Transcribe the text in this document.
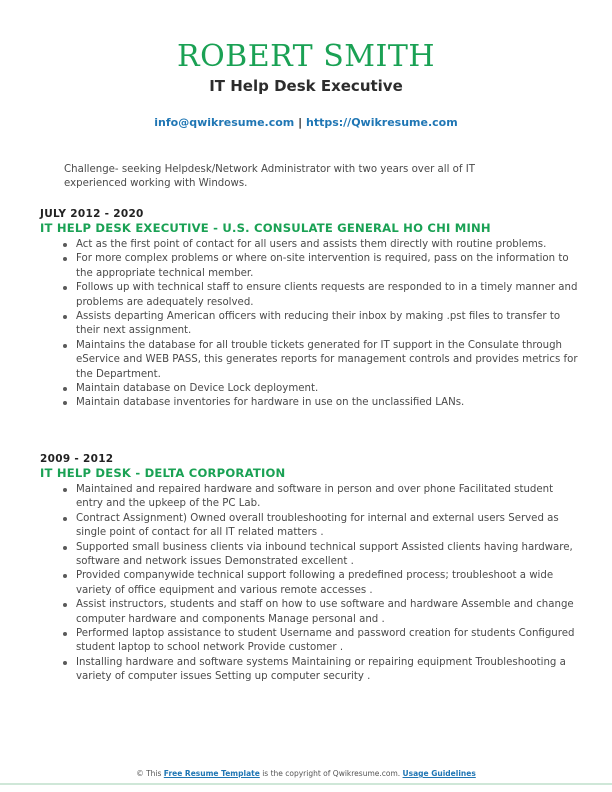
ROBERT SMITH
IT Help Desk Executive
info@qwikresume.com | https://Qwikresume.com
Challenge- seeking Helpdesk/Network Administrator with two years over all of IT experienced working with Windows.
JULY 2012 - 2020
IT HELP DESK EXECUTIVE - U.S. CONSULATE GENERAL HO CHI MINH
Act as the first point of contact for all users and assists them directly with routine problems.
For more complex problems or where on-site intervention is required, pass on the information to the appropriate technical member.
Follows up with technical staff to ensure clients requests are responded to in a timely manner and problems are adequately resolved.
Assists departing American officers with reducing their inbox by making .pst files to transfer to their next assignment.
Maintains the database for all trouble tickets generated for IT support in the Consulate through eService and WEB PASS, this generates reports for management controls and provides metrics for the Department.
Maintain database on Device Lock deployment.
Maintain database inventories for hardware in use on the unclassified LANs.
2009 - 2012
IT HELP DESK - DELTA CORPORATION
Maintained and repaired hardware and software in person and over phone Facilitated student entry and the upkeep of the PC Lab.
Contract Assignment) Owned overall troubleshooting for internal and external users Served as single point of contact for all IT related matters .
Supported small business clients via inbound technical support Assisted clients having hardware, software and network issues Demonstrated excellent .
Provided companywide technical support following a predefined process; troubleshoot a wide variety of office equipment and various remote accesses .
Assist instructors, students and staff on how to use software and hardware Assemble and change computer hardware and components Manage personal and .
Performed laptop assistance to student Username and password creation for students Configured student laptop to school network Provide customer .
Installing hardware and software systems Maintaining or repairing equipment Troubleshooting a variety of computer issues Setting up computer security .
© This Free Resume Template is the copyright of Qwikresume.com. Usage Guidelines
